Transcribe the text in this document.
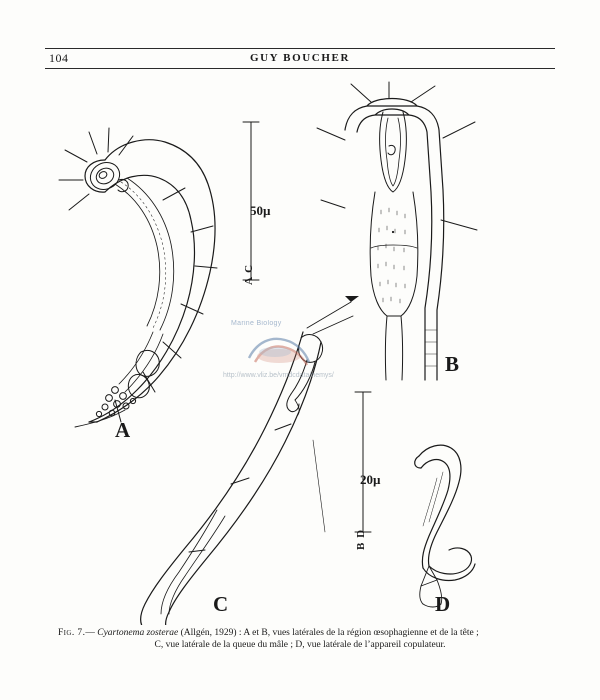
104	GUY BOUCHER
Marine Biology
http://www.vliz.be/vmdcdata/nemys/
50µ
A C
20µ
B D
A
B
C	D
Fig. 7.— Cyartonema zosterae (Allgén, 1929) : A et B, vues latérales de la région œsophagienne et de la tête ;
C, vue latérale de la queue du mâle ; D, vue latérale de l’appareil copulateur.
